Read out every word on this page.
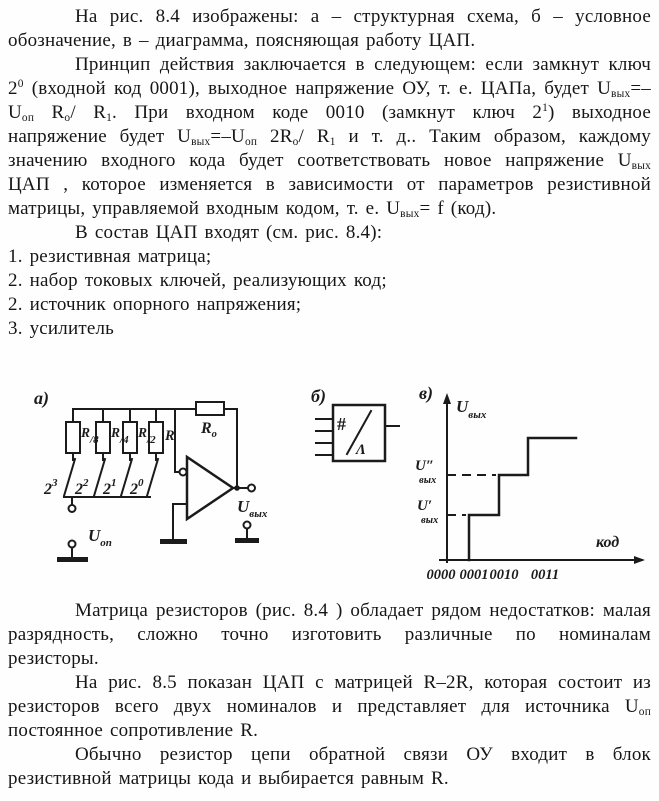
На рис. 8.4 изображены: а – структурная схема, б – условное обозначение, в – диаграмма, поясняющая работу ЦАП.

Принцип действия заключается в следующем: если замкнут ключ $2^0$ (входной код 0001), выходное напряжение ОУ, т. е. ЦАПа, будет $U_{вых}=-U_{оп}$ $R_о/$ $R_1$. При входном коде 0010 (замкнут ключ $2^1$) выходное напряжение будет $U_{вых}=-U_{оп}$ $2R_о/$ $R_1$ и т. д.. Таким образом, каждому значению входного кода будет соответствовать новое напряжение $U_{вых}$ ЦАП , которое изменяется в зависимости от параметров резистивной матрицы, управляемой входным кодом, т. е. $U_{вых}= f$ (код).

В состав ЦАП входят (см. рис. 8.4):

1. резистивная матрица;

2. набор токовых ключей, реализующих код;

2. источник опорного напряжения;

3. усилитель

а)
$R_о$
$R_{/8}$ $R_{/4}$ $R_{/2}$ R
$2^3$ $2^2$ $2^1$ $2^0$
$U_{оп}$
$U_{вых}$
б)
#
Λ
в)
$U_{вых}$
код
U″ вых
U′ вых
0000 0001 0010 0011

Матрица резисторов (рис. 8.4 ) обладает рядом недостатков: малая разрядность, сложно точно изготовить различные по номиналам резисторы.

На рис. 8.5 показан ЦАП с матрицей R–2R, которая состоит из резисторов всего двух номиналов и представляет для источника $U_{оп}$ постоянное сопротивление R.

Обычно резистор цепи обратной связи ОУ входит в блок резистивной матрицы кода и выбирается равным R.
